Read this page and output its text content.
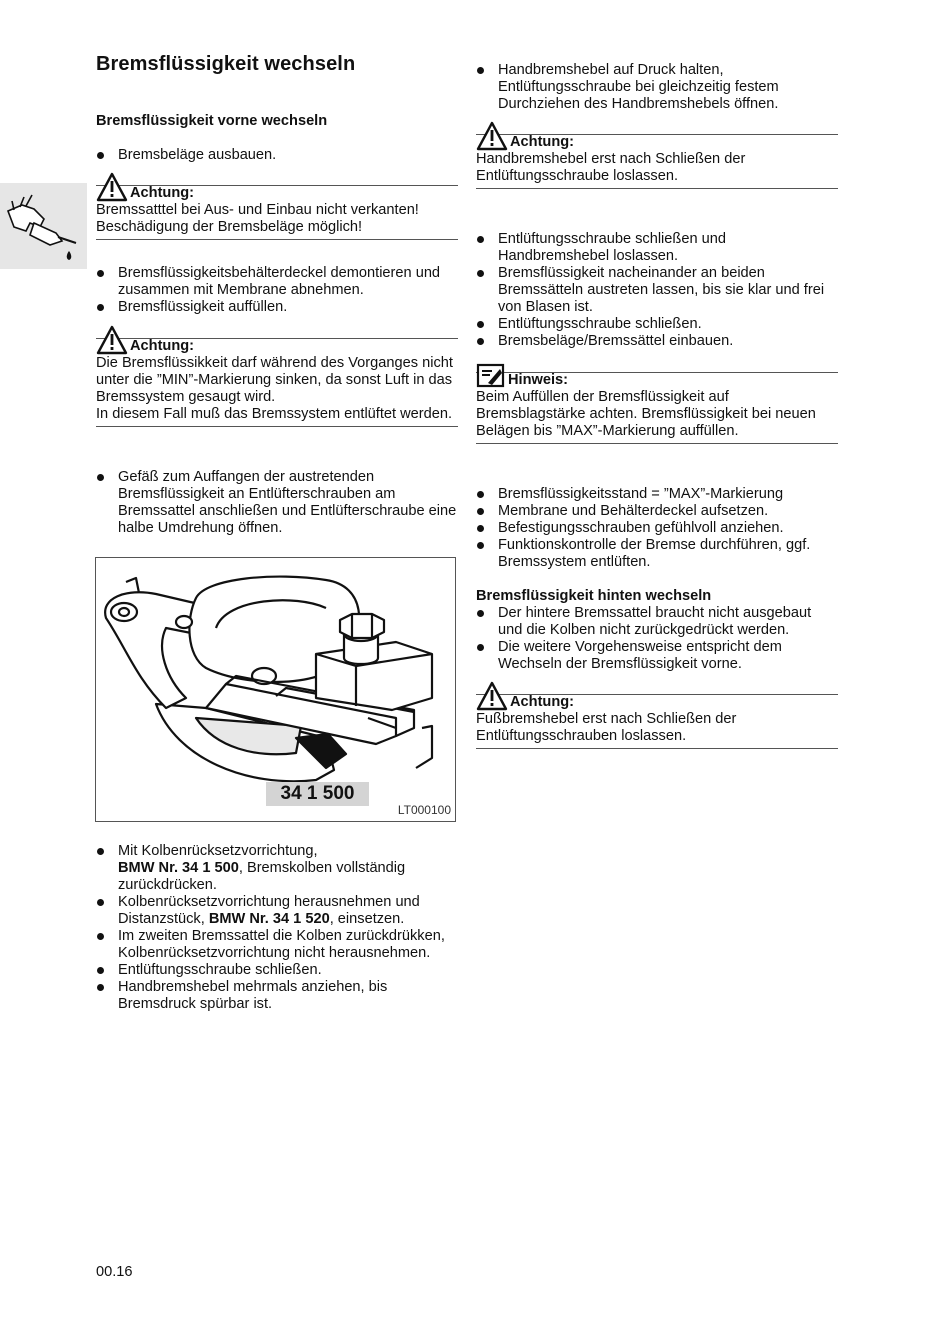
Bremsflüssigkeit wechseln
Bremsflüssigkeit vorne wechseln
Bremsbeläge ausbauen.
Achtung:
Bremssatttel bei Aus- und Einbau nicht verkanten!
Beschädigung der Bremsbeläge möglich!
Bremsflüssigkeitsbehälterdeckel demontieren und zusammen mit Membrane abnehmen.
Bremsflüssigkeit auffüllen.
Achtung:
Die Bremsflüssikkeit darf während des Vorganges nicht unter die ”MIN”-Markierung sinken, da sonst Luft in das Bremssystem gesaugt wird.
In diesem Fall muß das Bremssystem entlüftet werden.
Gefäß zum Auffangen der austretenden Bremsflüssigkeit an Entlüfterschrauben am Bremssattel anschließen und Entlüfterschraube eine halbe Umdrehung öffnen.
34 1 500
LT000100
Mit Kolbenrücksetzvorrichtung,
BMW Nr. 34 1 500, Bremskolben vollständig zurückdrücken.
Kolbenrücksetzvorrichtung herausnehmen und Distanzstück, BMW Nr. 34 1 520, einsetzen.
Im zweiten Bremssattel die Kolben zurückdrükken, Kolbenrücksetzvorrichtung nicht herausnehmen.
Entlüftungsschraube schließen.
Handbremshebel mehrmals anziehen, bis Bremsdruck spürbar ist.
Handbremshebel auf Druck halten, Entlüftungsschraube bei gleichzeitig festem Durchziehen des Handbremshebels öffnen.
Achtung:
Handbremshebel erst nach Schließen der Entlüftungsschraube loslassen.
Entlüftungsschraube schließen und Handbremshebel loslassen.
Bremsflüssigkeit nacheinander an beiden Bremssätteln austreten lassen, bis sie klar und frei von Blasen ist.
Entlüftungsschraube schließen.
Bremsbeläge/Bremssättel einbauen.
Hinweis:
Beim Auffüllen der Bremsflüssigkeit auf Bremsblagstärke achten. Bremsflüssigkeit bei neuen Belägen bis ”MAX”-Markierung auffüllen.
Bremsflüssigkeitsstand = ”MAX”-Markierung
Membrane und Behälterdeckel aufsetzen.
Befestigungsschrauben gefühlvoll anziehen.
Funktionskontrolle der Bremse durchführen, ggf. Bremssystem entlüften.
Bremsflüssigkeit hinten wechseln
Der hintere Bremssattel braucht nicht ausgebaut und die Kolben nicht zurückgedrückt werden.
Die weitere Vorgehensweise entspricht dem Wechseln der Bremsflüssigkeit vorne.
Achtung:
Fußbremshebel erst nach Schließen der Entlüftungsschrauben loslassen.
00.16
